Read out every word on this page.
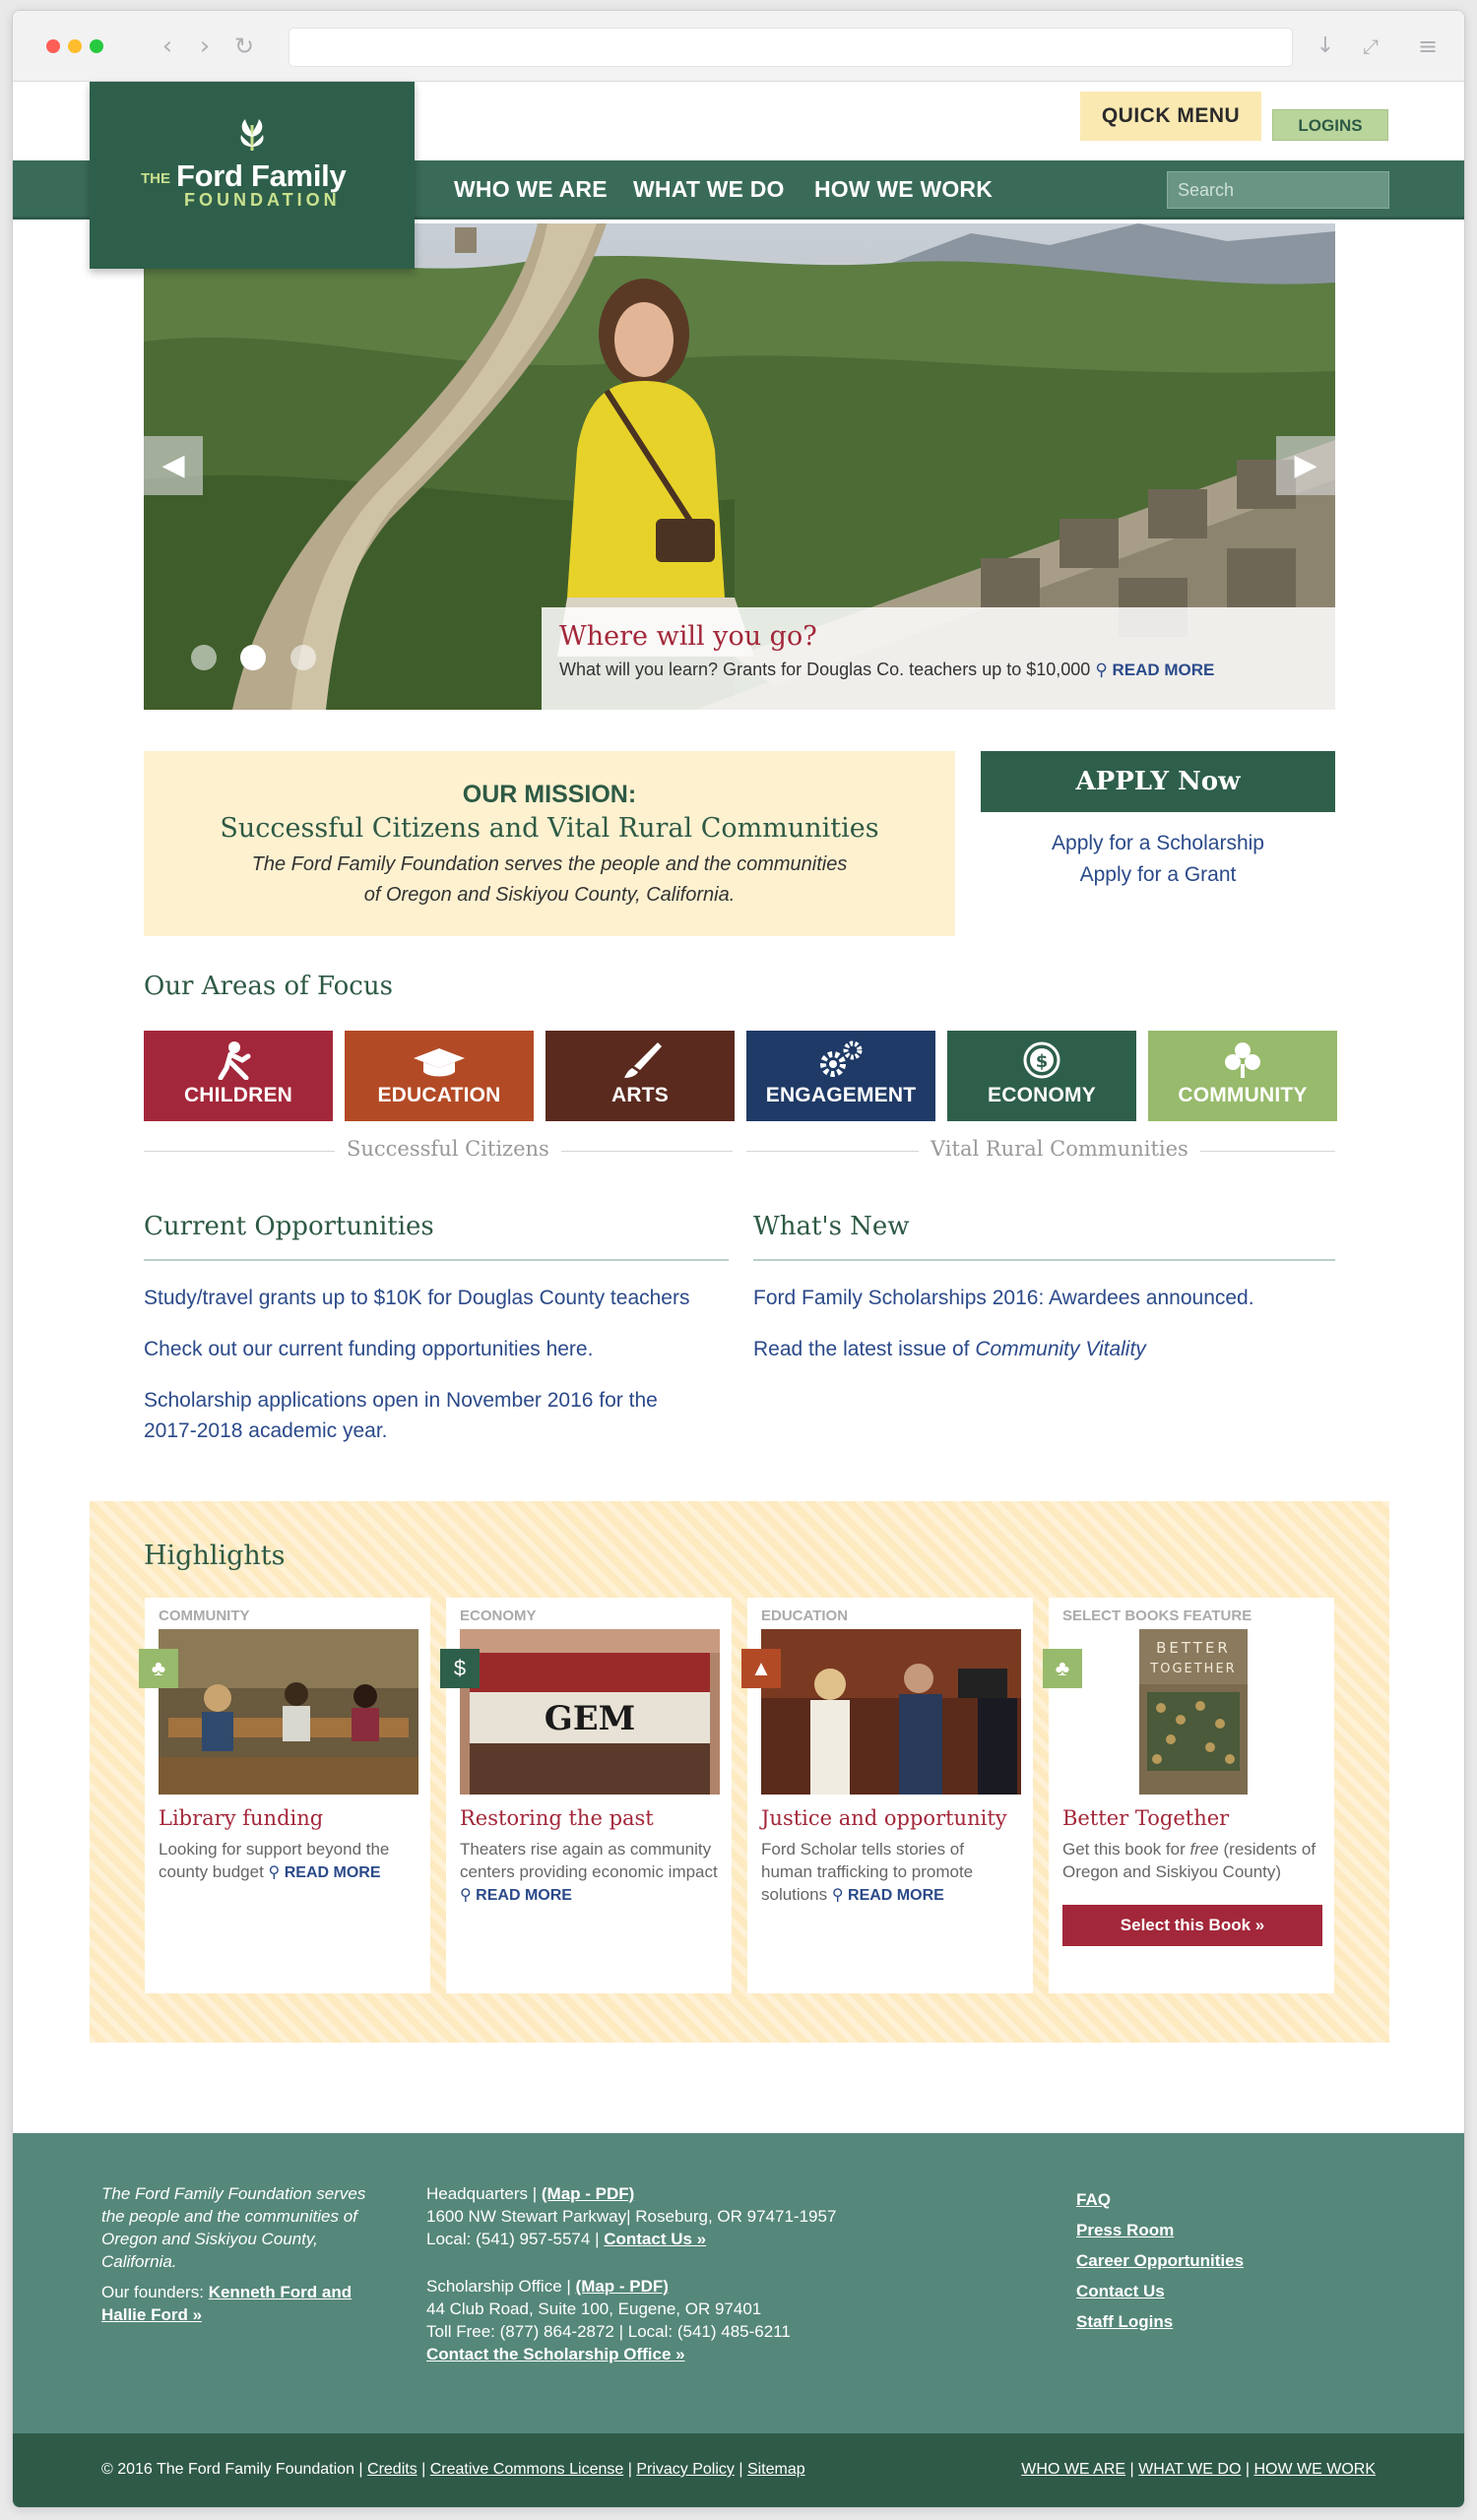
‹ ›	↻	↓ ⤢ ≡
QUICK MENU	LOGINS
WHO WE ARE WHAT WE DO HOW WE WORK	Search
THE Ford Family
FOUNDATION
◀	▶

Where will you go?
What will you learn? Grants for Douglas Co. teachers up to $10,000 ⚲ READ MORE
OUR MISSION:
Successful Citizens and Vital Rural Communities
The Ford Family Foundation serves the people and the communities
of Oregon and Siskiyou County, California.
APPLY Now
Apply for a Scholarship
Apply for a Grant
Our Areas of Focus
CHILDREN	EDUCATION	ARTS	ENGAGEMENT
$
ECONOMY	COMMUNITY
Successful Citizens	Vital Rural Communities
Current Opportunities
Study/travel grants up to $10K for Douglas County teachers
Check out our current funding opportunities here.
Scholarship applications open in November 2016 for the
2017-2018 academic year.
What's New
Ford Family Scholarships 2016: Awardees announced.
Read the latest issue of Community Vitality
Highlights
COMMUNITY
♣
Library funding
Looking for support beyond the county budget ⚲ READ MORE
ECONOMY
GEM
$
Restoring the past
Theaters rise again as community centers providing economic impact ⚲ READ MORE
EDUCATION
▲
Justice and opportunity
Ford Scholar tells stories of human trafficking to promote solutions ⚲ READ MORE
SELECT BOOKS FEATURE
BETTER
TOGETHER
♣
Better Together
Get this book for free (residents of Oregon and Siskiyou County)
Select this Book »
The Ford Family Foundation serves the people and the communities of Oregon and Siskiyou County, California.
Our founders: Kenneth Ford and Hallie Ford »
Headquarters | (Map - PDF)
1600 NW Stewart Parkway| Roseburg, OR 97471-1957
Local: (541) 957-5574 | Contact Us »
Scholarship Office | (Map - PDF)
44 Club Road, Suite 100, Eugene, OR 97401
Toll Free: (877) 864-2872 | Local: (541) 485-6211
Contact the Scholarship Office »
FAQ
Press Room
Career Opportunities
Contact Us
Staff Logins
© 2016 The Ford Family Foundation | Credits | Creative Commons License | Privacy Policy | Sitemap	WHO WE ARE | WHAT WE DO | HOW WE WORK
